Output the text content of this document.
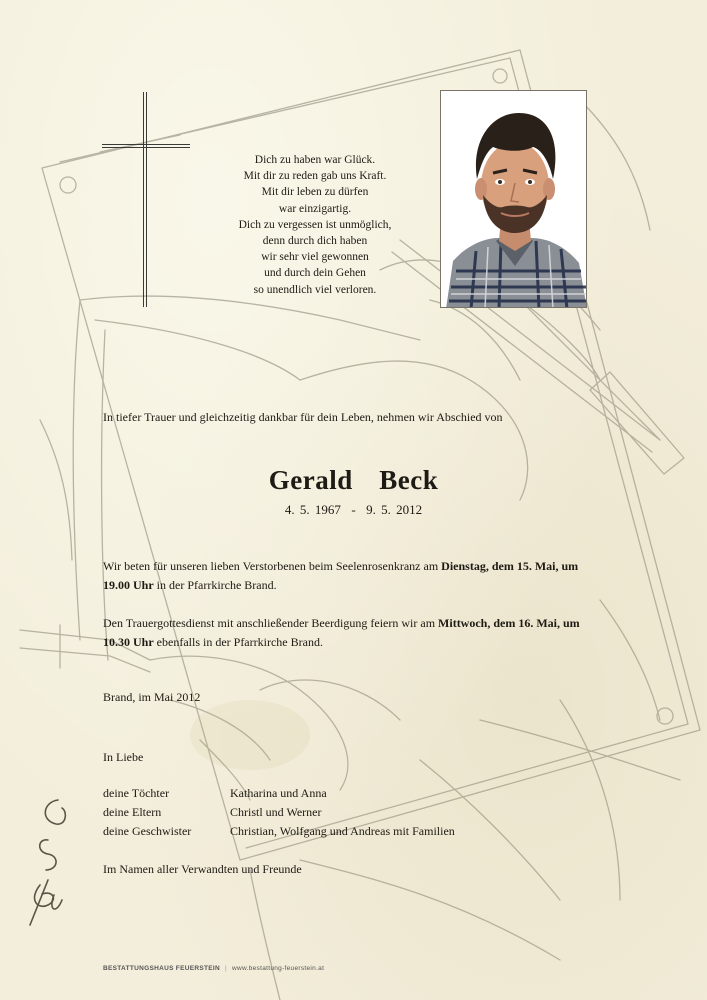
Dich zu haben war Glück.
Mit dir zu reden gab uns Kraft.
Mit dir leben zu dürfen
war einzigartig.
Dich zu vergessen ist unmöglich,
denn durch dich haben
wir sehr viel gewonnen
und durch dein Gehen
so unendlich viel verloren.
In tiefer Trauer und gleichzeitig dankbar für dein Leben, nehmen wir Abschied von
Gerald  Beck
4. 5. 1967  -  9. 5. 2012
Wir beten für unseren lieben Verstorbenen beim Seelenrosenkranz am Dienstag, dem 15. Mai, um 19.00 Uhr in der Pfarrkirche Brand.
Den Trauergottesdienst mit anschließender Beerdigung feiern wir am Mittwoch, dem 16. Mai, um 10.30 Uhr ebenfalls in der Pfarrkirche Brand.
Brand, im Mai 2012
In Liebe
deine Töchter	Katharina und Anna
deine Eltern	Christl und Werner
deine Geschwister	Christian, Wolfgang und Andreas mit Familien
Im Namen aller Verwandten und Freunde
BESTATTUNGSHAUS FEUERSTEIN | www.bestattung-feuerstein.at
